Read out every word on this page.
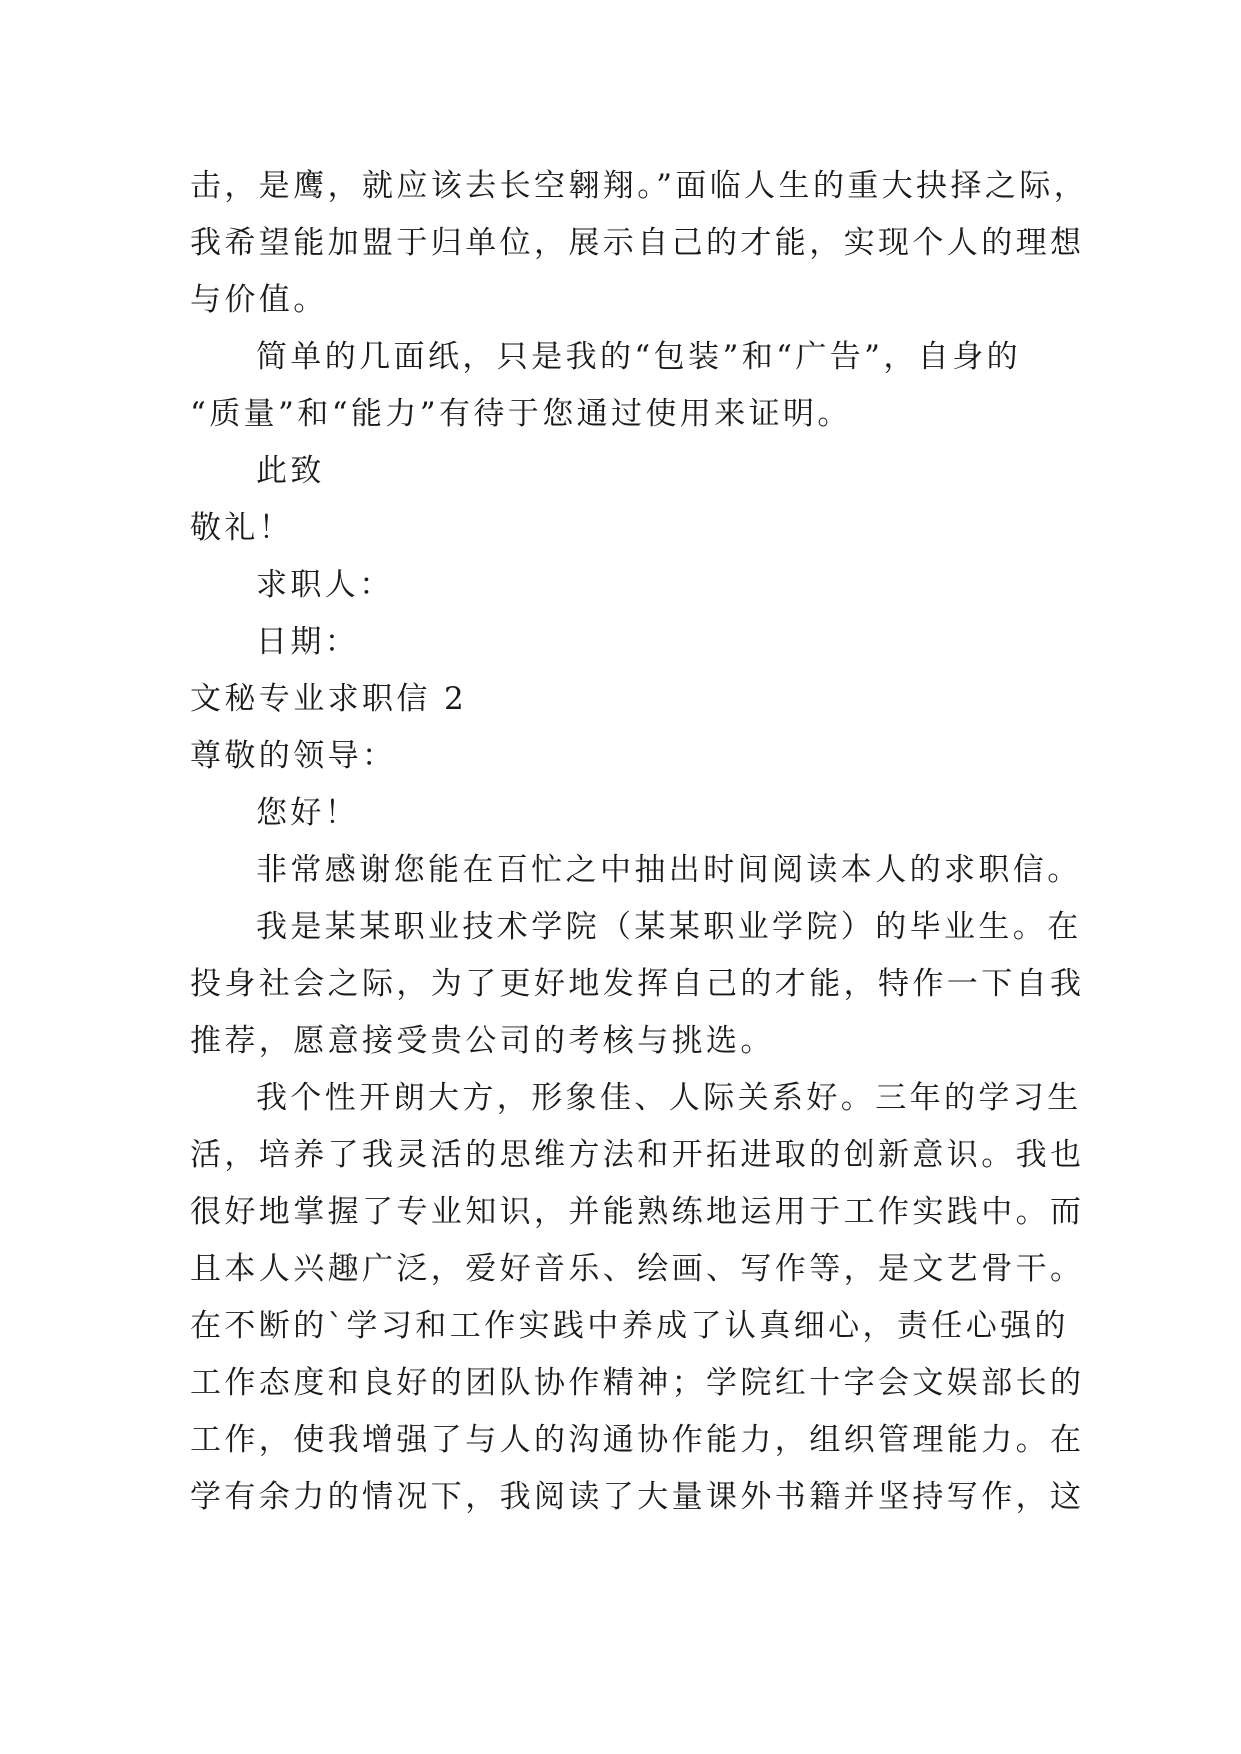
击，是鹰，就应该去长空翱翔。”面临人生的重大抉择之际，
我希望能加盟于归单位，展示自己的才能，实现个人的理想
与价值。
简单的几面纸，只是我的“包装”和“广告”，自身的
“质量”和“能力”有待于您通过使用来证明。
此致
敬礼！
求职人：
日期：
文秘专业求职信 2
尊敬的领导：
您好！
非常感谢您能在百忙之中抽出时间阅读本人的求职信。
我是某某职业技术学院（某某职业学院）的毕业生。在
投身社会之际，为了更好地发挥自己的才能，特作一下自我
推荐，愿意接受贵公司的考核与挑选。
我个性开朗大方，形象佳、人际关系好。三年的学习生
活，培养了我灵活的思维方法和开拓进取的创新意识。我也
很好地掌握了专业知识，并能熟练地运用于工作实践中。而
且本人兴趣广泛，爱好音乐、绘画、写作等，是文艺骨干。
在不断的`学习和工作实践中养成了认真细心，责任心强的
工作态度和良好的团队协作精神；学院红十字会文娱部长的
工作，使我增强了与人的沟通协作能力，组织管理能力。在
学有余力的情况下，我阅读了大量课外书籍并坚持写作，这
